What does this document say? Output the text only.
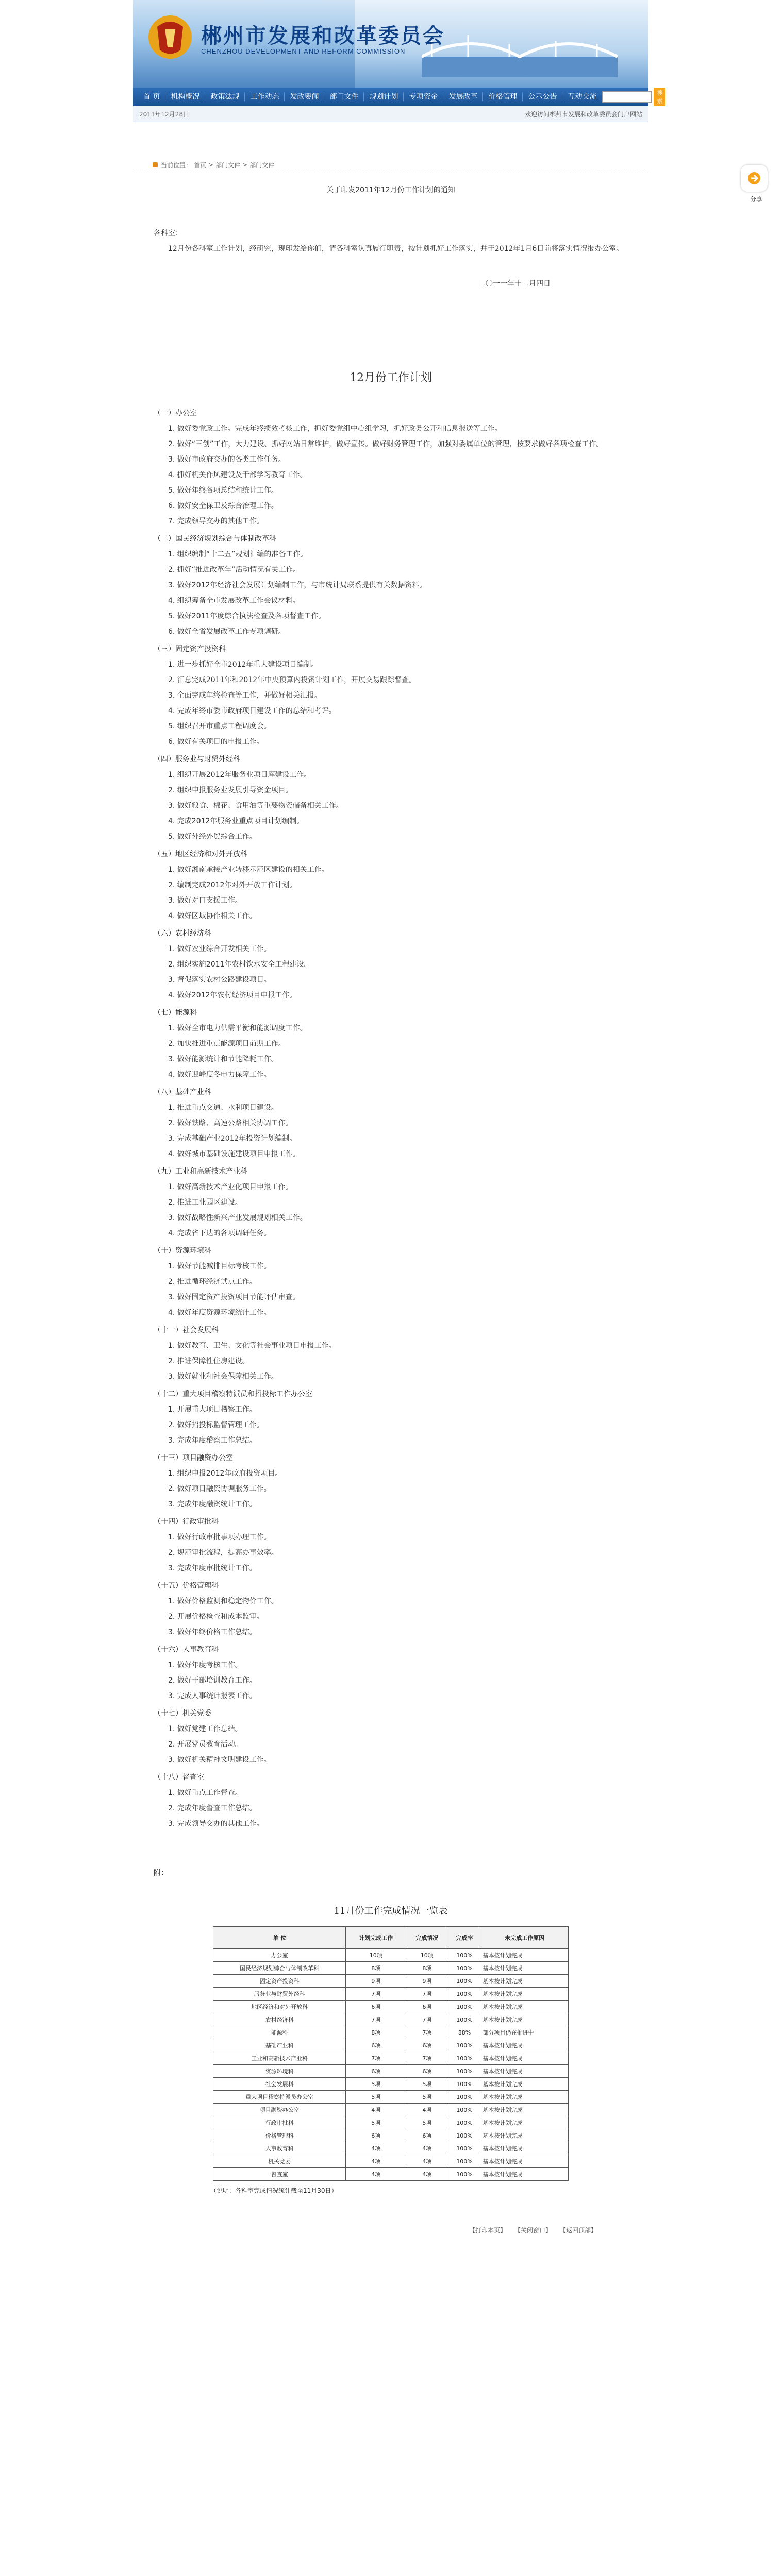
郴州市发展和改革委员会
CHENZHOU DEVELOPMENT AND REFORM COMMISSION
首 页	机构概况	政策法规	工作动态	发改要闻	部门文件	规划计划	专项资金	发展改革	价格管理	公示公告	互动交流	搜索
2011年12月28日	欢迎访问郴州市发展和改革委员会门户网站
当前位置： 首页 > 部门文件 > 部门文件
关于印发2011年12月份工作计划的通知

各科室：

12月份各科室工作计划，经研究，现印发给你们，请各科室认真履行职责，按计划抓好工作落实，并于2012年1月6日前将落实情况报办公室。

二〇一一年十二月四日

12月份工作计划

（一）办公室

1. 做好委党政工作。完成年终绩效考核工作，抓好委党组中心组学习，抓好政务公开和信息报送等工作。

2. 做好“三创”工作，大力建设、抓好网站日常维护，做好宣传。做好财务管理工作，加强对委属单位的管理，按要求做好各项检查工作。

3. 做好市政府交办的各类工作任务。

4. 抓好机关作风建设及干部学习教育工作。

5. 做好年终各项总结和统计工作。

6. 做好安全保卫及综合治理工作。

7. 完成领导交办的其他工作。

（二）国民经济规划综合与体制改革科

1. 组织编制“十二五”规划汇编的准备工作。

2. 抓好“推进改革年”活动情况有关工作。

3. 做好2012年经济社会发展计划编制工作，与市统计局联系提供有关数据资料。

4. 组织筹备全市发展改革工作会议材料。

5. 做好2011年度综合执法检查及各项督查工作。

6. 做好全省发展改革工作专项调研。

（三）固定资产投资科

1. 进一步抓好全市2012年重大建设项目编制。

2. 汇总完成2011年和2012年中央预算内投资计划工作，开展交易跟踪督查。

3. 全面完成年终检查等工作，并做好相关汇报。

4. 完成年终市委市政府项目建设工作的总结和考评。

5. 组织召开市重点工程调度会。

6. 做好有关项目的申报工作。

（四）服务业与财贸外经科

1. 组织开展2012年服务业项目库建设工作。

2. 组织申报服务业发展引导资金项目。

3. 做好粮食、棉花、食用油等重要物资储备相关工作。

4. 完成2012年服务业重点项目计划编制。

5. 做好外经外贸综合工作。

（五）地区经济和对外开放科

1. 做好湘南承接产业转移示范区建设的相关工作。

2. 编制完成2012年对外开放工作计划。

3. 做好对口支援工作。

4. 做好区域协作相关工作。

（六）农村经济科

1. 做好农业综合开发相关工作。

2. 组织实施2011年农村饮水安全工程建设。

3. 督促落实农村公路建设项目。

4. 做好2012年农村经济项目申报工作。

（七）能源科

1. 做好全市电力供需平衡和能源调度工作。

2. 加快推进重点能源项目前期工作。

3. 做好能源统计和节能降耗工作。

4. 做好迎峰度冬电力保障工作。

（八）基础产业科

1. 推进重点交通、水利项目建设。

2. 做好铁路、高速公路相关协调工作。

3. 完成基础产业2012年投资计划编制。

4. 做好城市基础设施建设项目申报工作。

（九）工业和高新技术产业科

1. 做好高新技术产业化项目申报工作。

2. 推进工业园区建设。

3. 做好战略性新兴产业发展规划相关工作。

4. 完成省下达的各项调研任务。

（十）资源环境科

1. 做好节能减排目标考核工作。

2. 推进循环经济试点工作。

3. 做好固定资产投资项目节能评估审查。

4. 做好年度资源环境统计工作。

（十一）社会发展科

1. 做好教育、卫生、文化等社会事业项目申报工作。

2. 推进保障性住房建设。

3. 做好就业和社会保障相关工作。

（十二）重大项目稽察特派员和招投标工作办公室

1. 开展重大项目稽察工作。

2. 做好招投标监督管理工作。

3. 完成年度稽察工作总结。

（十三）项目融资办公室

1. 组织申报2012年政府投资项目。

2. 做好项目融资协调服务工作。

3. 完成年度融资统计工作。

（十四）行政审批科

1. 做好行政审批事项办理工作。

2. 规范审批流程，提高办事效率。

3. 完成年度审批统计工作。

（十五）价格管理科

1. 做好价格监测和稳定物价工作。

2. 开展价格检查和成本监审。

3. 做好年终价格工作总结。

（十六）人事教育科

1. 做好年度考核工作。

2. 做好干部培训教育工作。

3. 完成人事统计报表工作。

（十七）机关党委

1. 做好党建工作总结。

2. 开展党员教育活动。

3. 做好机关精神文明建设工作。

（十八）督查室

1. 做好重点工作督查。

2. 完成年度督查工作总结。

3. 完成领导交办的其他工作。

附：

11月份工作完成情况一览表
单 位	计划完成工作	完成情况	完成率	未完成工作原因
办公室	10项	10项	100%	基本按计划完成
国民经济规划综合与体制改革科	8项	8项	100%	基本按计划完成
固定资产投资科	9项	9项	100%	基本按计划完成
服务业与财贸外经科	7项	7项	100%	基本按计划完成
地区经济和对外开放科	6项	6项	100%	基本按计划完成
农村经济科	7项	7项	100%	基本按计划完成
能源科	8项	7项	88%	部分项目仍在推进中
基础产业科	6项	6项	100%	基本按计划完成
工业和高新技术产业科	7项	7项	100%	基本按计划完成
资源环境科	6项	6项	100%	基本按计划完成
社会发展科	5项	5项	100%	基本按计划完成
重大项目稽察特派员办公室	5项	5项	100%	基本按计划完成
项目融资办公室	4项	4项	100%	基本按计划完成
行政审批科	5项	5项	100%	基本按计划完成
价格管理科	6项	6项	100%	基本按计划完成
人事教育科	4项	4项	100%	基本按计划完成
机关党委	4项	4项	100%	基本按计划完成
督查室	4项	4项	100%	基本按计划完成

（说明：各科室完成情况统计截至11月30日）

【打印本页】 【关闭窗口】 【返回顶部】
分享
